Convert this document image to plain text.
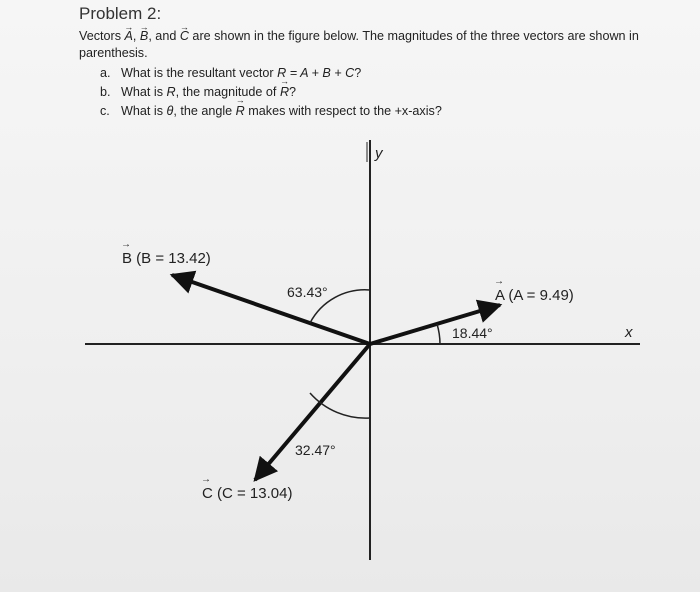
Problem 2:
Vectors → A, → B, and → C are shown in the figure below. The magnitudes of the three vectors are shown in parenthesis.
a. What is the resultant vector R = A + B + C?
b. What is R, the magnitude of → R?
c. What is θ, the angle → R makes with respect to the +x-axis?
y
x
A (A = 9.49)
→
18.44°
B (B = 13.42)
→
63.43°
C (C = 13.04)
→
32.47°
